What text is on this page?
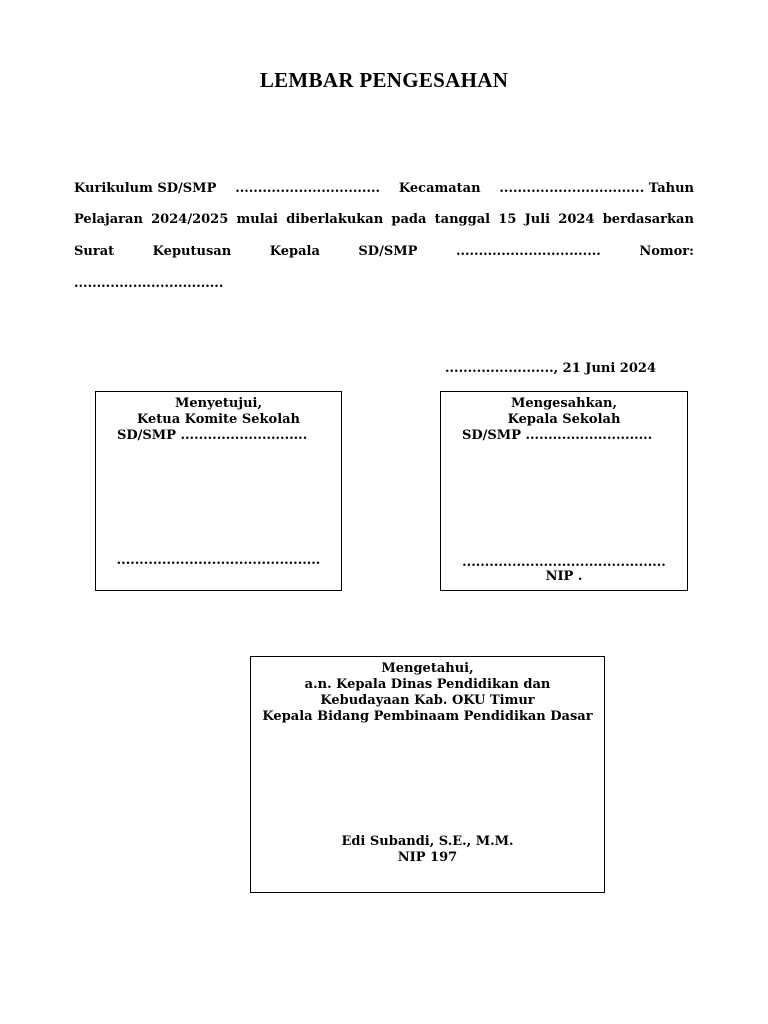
LEMBAR PENGESAHAN
Kurikulum SD/SMP ................................ Kecamatan ................................ Tahun
Pelajaran 2024/2025 mulai diberlakukan pada tanggal 15 Juli 2024 berdasarkan
Surat	Keputusan	Kepala	SD/SMP	................................	Nomor:
.................................
........................, 21 Juni 2024
Menyetujui,
Ketua Komite Sekolah
SD/SMP ............................
.............................................
Mengesahkan,
Kepala Sekolah
SD/SMP ............................
.............................................
NIP .
Mengetahui,
a.n. Kepala Dinas Pendidikan dan
Kebudayaan Kab. OKU Timur
Kepala Bidang Pembinaam Pendidikan Dasar
Edi Subandi, S.E., M.M.
NIP 197
